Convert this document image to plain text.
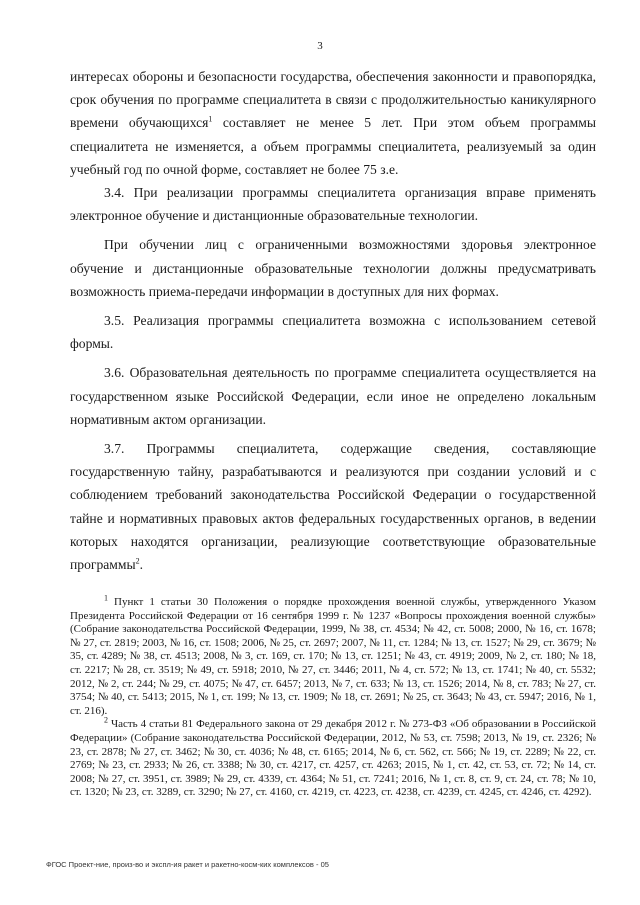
3

интересах обороны и безопасности государства, обеспечения законности и правопорядка, срок обучения по программе специалитета в связи с продолжительностью каникулярного времени обучающихся$^1$ составляет не менее 5 лет. При этом объем программы специалитета не изменяется, а объем программы специалитета, реализуемый за один учебный год по очной форме, составляет не более 75 з.е.

3.4. При реализации программы специалитета организация вправе применять электронное обучение и дистанционные образовательные технологии.

При обучении лиц с ограниченными возможностями здоровья электронное обучение и дистанционные образовательные технологии должны предусматривать возможность приема-передачи информации в доступных для них формах.

3.5. Реализация программы специалитета возможна с использованием сетевой формы.

3.6. Образовательная деятельность по программе специалитета осуществляется на государственном языке Российской Федерации, если иное не определено локальным нормативным актом организации.

3.7. Программы специалитета, содержащие сведения, составляющие государственную тайну, разрабатываются и реализуются при создании условий и с соблюдением требований законодательства Российской Федерации о государственной тайне и нормативных правовых актов федеральных государственных органов, в ведении которых находятся организации, реализующие соответствующие образовательные программы$^2$.

$^1$ Пункт 1 статьи 30 Положения о порядке прохождения военной службы, утвержденного Указом Президента Российской Федерации от 16 сентября 1999 г. № 1237 «Вопросы прохождения военной службы» (Собрание законодательства Российской Федерации, 1999, № 38, ст. 4534; № 42, ст. 5008; 2000, № 16, ст. 1678; № 27, ст. 2819; 2003, № 16, ст. 1508; 2006, № 25, ст. 2697; 2007, № 11, ст. 1284; № 13, ст. 1527; № 29, ст. 3679; № 35, ст. 4289; № 38, ст. 4513; 2008, № 3, ст. 169, ст. 170; № 13, ст. 1251; № 43, ст. 4919; 2009, № 2, ст. 180; № 18, ст. 2217; № 28, ст. 3519; № 49, ст. 5918; 2010, № 27, ст. 3446; 2011, № 4, ст. 572; № 13, ст. 1741; № 40, ст. 5532; 2012, № 2, ст. 244; № 29, ст. 4075; № 47, ст. 6457; 2013, № 7, ст. 633; № 13, ст. 1526; 2014, № 8, ст. 783; № 27, ст. 3754; № 40, ст. 5413; 2015, № 1, ст. 199; № 13, ст. 1909; № 18, ст. 2691; № 25, ст. 3643; № 43, ст. 5947; 2016, № 1, ст. 216).

$^2$ Часть 4 статьи 81 Федерального закона от 29 декабря 2012 г. № 273-ФЗ «Об образовании в Российской Федерации» (Собрание законодательства Российской Федерации, 2012, № 53, ст. 7598; 2013, № 19, ст. 2326; № 23, ст. 2878; № 27, ст. 3462; № 30, ст. 4036; № 48, ст. 6165; 2014, № 6, ст. 562, ст. 566; № 19, ст. 2289; № 22, ст. 2769; № 23, ст. 2933; № 26, ст. 3388; № 30, ст. 4217, ст. 4257, ст. 4263; 2015, № 1, ст. 42, ст. 53, ст. 72; № 14, ст. 2008; № 27, ст. 3951, ст. 3989; № 29, ст. 4339, ст. 4364; № 51, ст. 7241; 2016, № 1, ст. 8, ст. 9, ст. 24, ст. 78; № 10, ст. 1320; № 23, ст. 3289, ст. 3290; № 27, ст. 4160, ст. 4219, ст. 4223, ст. 4238, ст. 4239, ст. 4245, ст. 4246, ст. 4292).

ФГОС Проект-ние, произ-во и экспл-ия ракет и ракетно-косм-ких комплексов - 05
